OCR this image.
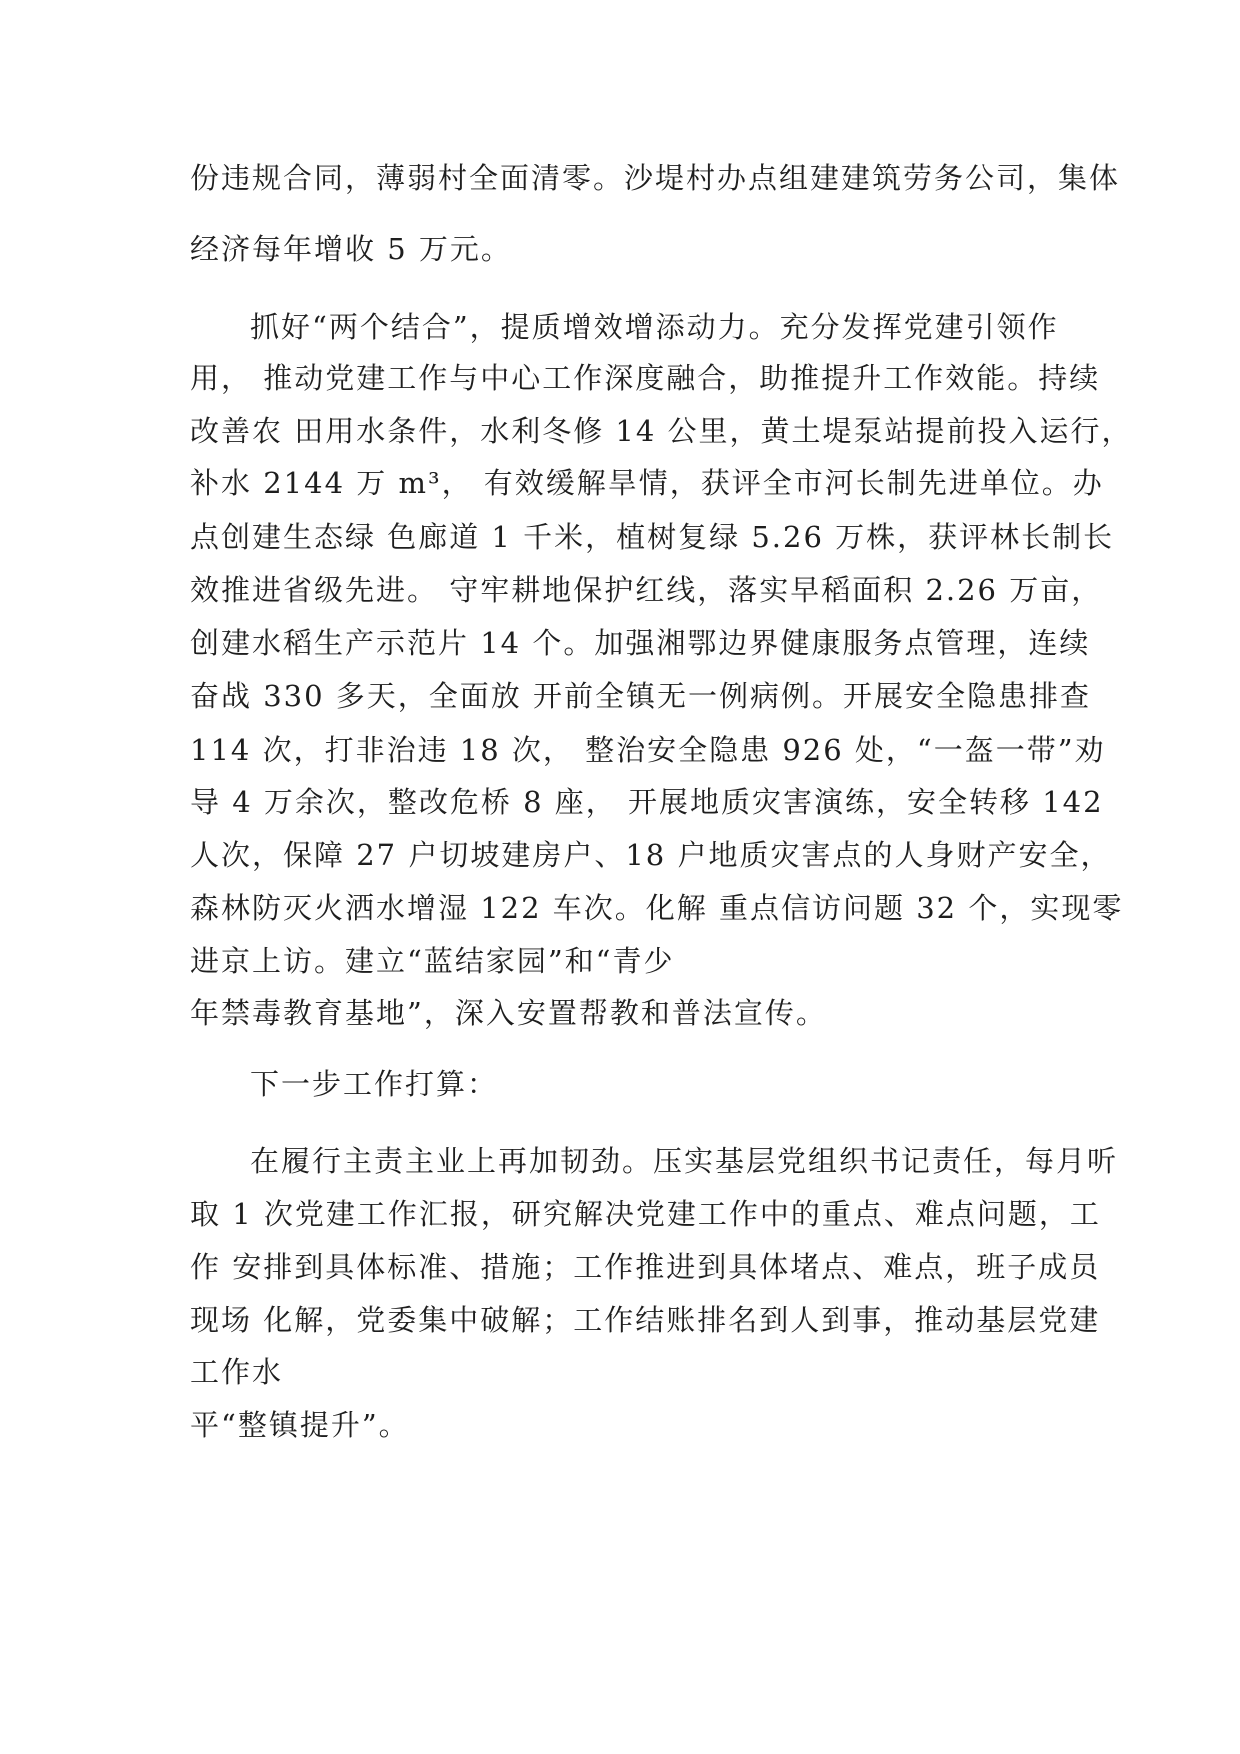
份违规合同，薄弱村全面清零。沙堤村办点组建建筑劳务公司，集体

经济每年增收 5 万元。

抓好“两个结合”，提质增效增添动力。充分发挥党建引领作

用， 推动党建工作与中心工作深度融合，助推提升工作效能。持续

改善农 田用水条件，水利冬修 14 公里，黄土堤泵站提前投入运行，

补水 2144 万 m³， 有效缓解旱情，获评全市河长制先进单位。办

点创建生态绿 色廊道 1 千米，植树复绿 5.26 万株，获评林长制长

效推进省级先进。 守牢耕地保护红线，落实早稻面积 2.26 万亩，

创建水稻生产示范片 14 个。加强湘鄂边界健康服务点管理，连续

奋战 330 多天，全面放 开前全镇无一例病例。开展安全隐患排查

114 次，打非治违 18 次， 整治安全隐患 926 处，“一盔一带”劝

导 4 万余次，整改危桥 8 座， 开展地质灾害演练，安全转移 142

人次，保障 27 户切坡建房户、18 户地质灾害点的人身财产安全，

森林防灭火洒水增湿 122 车次。化解 重点信访问题 32 个，实现零

进京上访。建立“蓝结家园”和“青少

年禁毒教育基地”，深入安置帮教和普法宣传。

下一步工作打算：

在履行主责主业上再加韧劲。压实基层党组织书记责任，每月听

取 1 次党建工作汇报，研究解决党建工作中的重点、难点问题，工

作 安排到具体标准、措施；工作推进到具体堵点、难点，班子成员

现场 化解，党委集中破解；工作结账排名到人到事，推动基层党建

工作水

平“整镇提升”。
